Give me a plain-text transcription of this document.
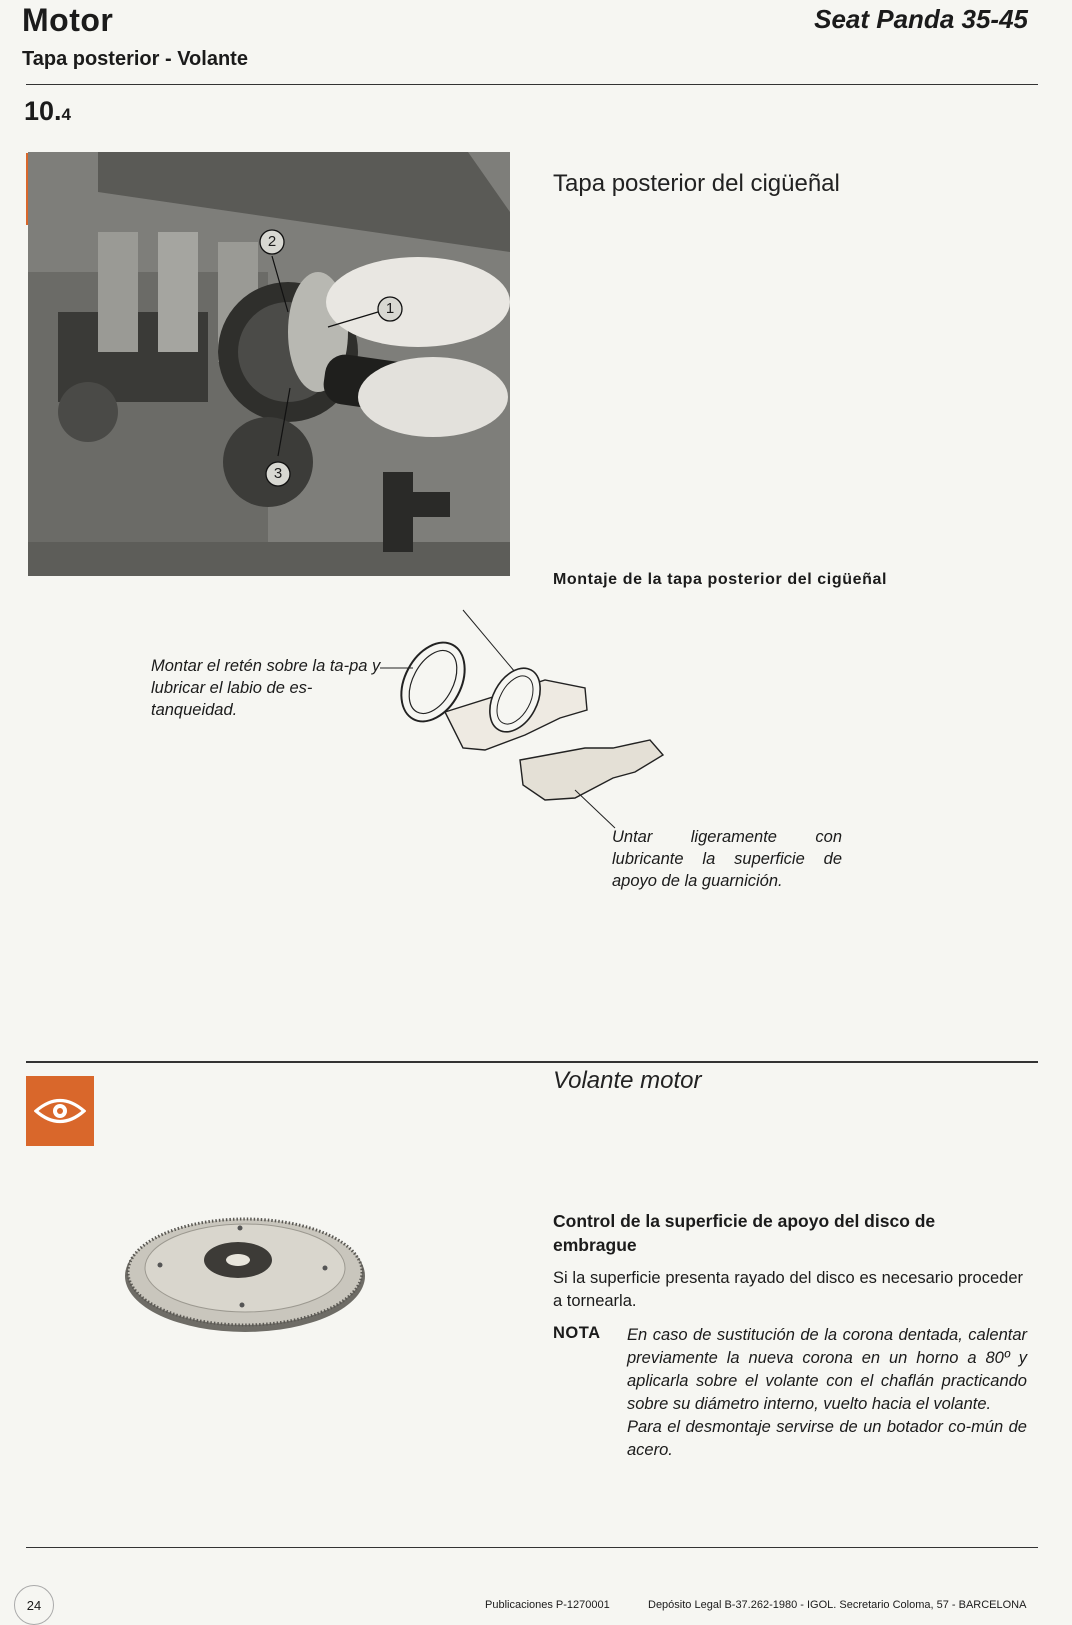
Motor
Tapa posterior - Volante
Seat Panda 35-45
10.4
2
1
3
Tapa posterior del cigüeñal
Montaje de la tapa posterior del cigüeñal
Montar el retén sobre la ta-pa y lubricar el labio de es-tanqueidad.
Untar ligeramente con lubricante la superficie de apoyo de la guarnición.
Volante motor
Control de la superficie de apoyo del disco de embrague
Si la superficie presenta rayado del disco es necesario proceder a tornearla.
NOTA En caso de sustitución de la corona dentada, calentar previamente la nueva corona en un horno a 80º y aplicarla sobre el volante con el chaflán practicando sobre su diámetro interno, vuelto hacia el volante.
Para el desmontaje servirse de un botador co-mún de acero.
24	Publicaciones P-1270001	Depósito Legal B-37.262-1980 - IGOL. Secretario Coloma, 57 - BARCELONA
